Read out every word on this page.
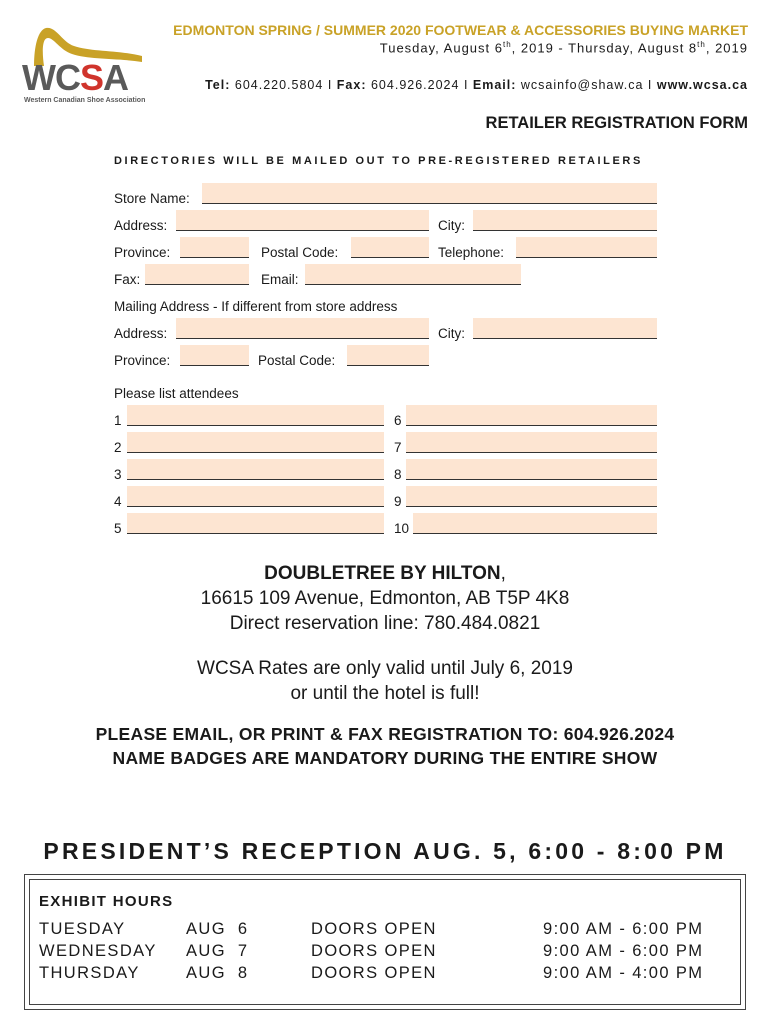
WCSA
Western Canadian Shoe Association
EDMONTON SPRING / SUMMER 2020 FOOTWEAR & ACCESSORIES BUYING MARKET
Tuesday, August 6th, 2019 - Thursday, August 8th, 2019
Tel: 604.220.5804 I Fax: 604.926.2024 I Email: wcsainfo@shaw.ca I www.wcsa.ca
RETAILER REGISTRATION FORM
DIRECTORIES WILL BE MAILED OUT TO PRE-REGISTERED RETAILERS
Store Name:
Address:	City:
Province:	Postal Code:	Telephone:
Fax:	Email:
Mailing Address - If different from store address
Address:	City:
Province:	Postal Code:
Please list attendees
1	6
2	7
3	8
4	9
5	10
DOUBLETREE BY HILTON,
16615 109 Avenue, Edmonton, AB T5P 4K8
Direct reservation line: 780.484.0821
WCSA Rates are only valid until July 6, 2019
or until the hotel is full!
PLEASE EMAIL, OR PRINT & FAX REGISTRATION TO: 604.926.2024
NAME BADGES ARE MANDATORY DURING THE ENTIRE SHOW
PRESIDENT’S RECEPTION AUG. 5, 6:00 - 8:00 PM
EXHIBIT HOURS
TUESDAY	AUG  6	DOORS OPEN	9:00 AM - 6:00 PM
WEDNESDAY AUG  7	DOORS OPEN	9:00 AM - 6:00 PM
THURSDAY	AUG  8	DOORS OPEN	9:00 AM - 4:00 PM
